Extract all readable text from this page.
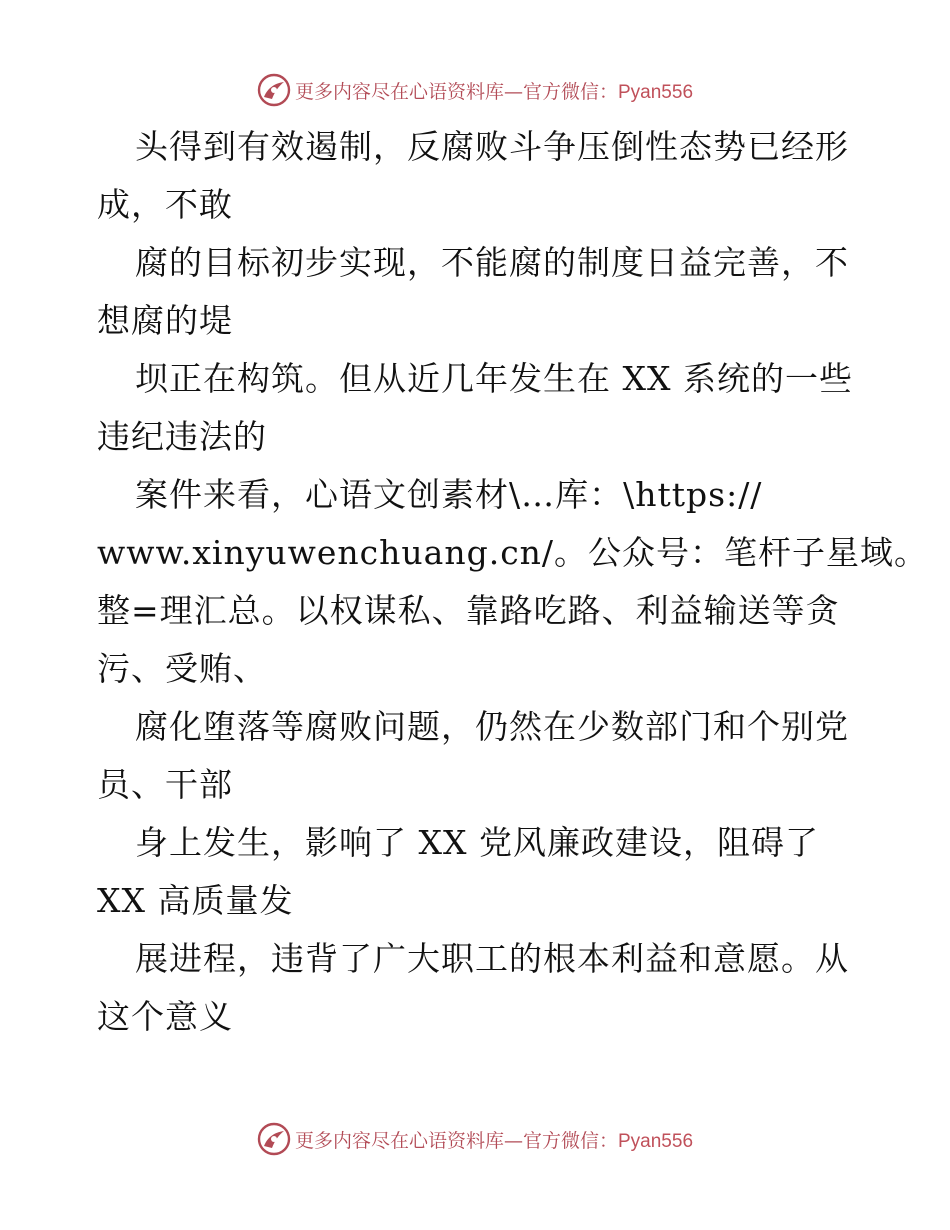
更多内容尽在心语资料库—官方微信：Pyan556
头得到有效遏制，反腐败斗争压倒性态势已经形
成，不敢
腐的目标初步实现，不能腐的制度日益完善，不
想腐的堤
坝正在构筑。但从近几年发生在 XX 系统的一些
违纪违法的
案件来看，心语文创素材\…库：\https://
www.xinyuwenchuang.cn/。公众号：笔杆子星域。
整=理汇总。以权谋私、靠路吃路、利益输送等贪
污、受贿、
腐化堕落等腐败问题，仍然在少数部门和个别党
员、干部
身上发生，影响了 XX 党风廉政建设，阻碍了
XX 高质量发
展进程，违背了广大职工的根本利益和意愿。从
这个意义
更多内容尽在心语资料库—官方微信：Pyan556
